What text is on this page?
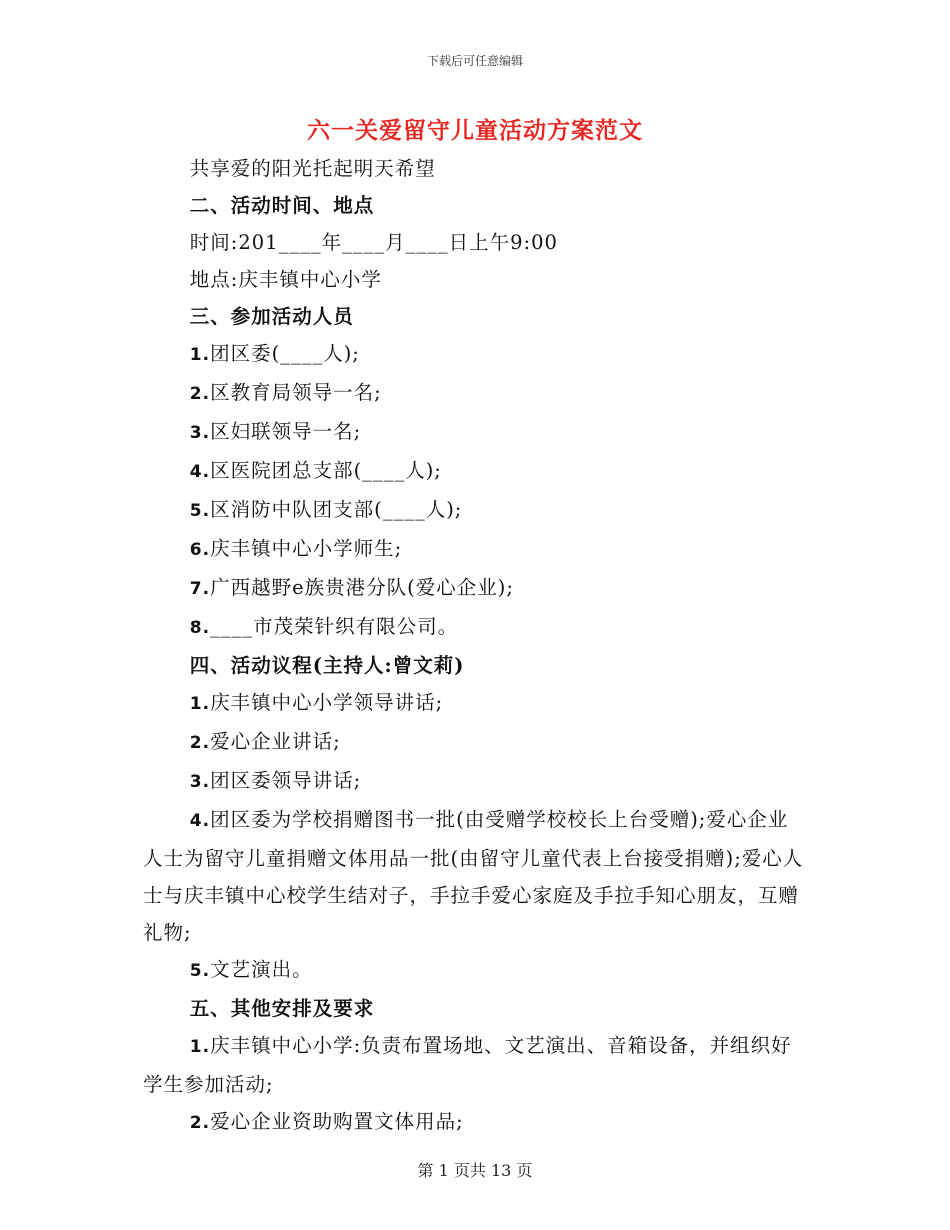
下载后可任意编辑
六一关爱留守儿童活动方案范文

共享爱的阳光托起明天希望

二、活动时间、地点

时间:201____年____月____日上午9:00

地点:庆丰镇中心小学

三、参加活动人员

1.团区委(____人);

2.区教育局领导一名;

3.区妇联领导一名;

4.区医院团总支部(____人);

5.区消防中队团支部(____人);

6.庆丰镇中心小学师生;

7.广西越野e族贵港分队(爱心企业);

8.____市茂荣针织有限公司。

四、活动议程(主持人:曾文莉)

1.庆丰镇中心小学领导讲话;

2.爱心企业讲话;

3.团区委领导讲话;

4.团区委为学校捐赠图书一批(由受赠学校校长上台受赠);爱心企业人士为留守儿童捐赠文体用品一批(由留守儿童代表上台接受捐赠);爱心人士与庆丰镇中心校学生结对子，手拉手爱心家庭及手拉手知心朋友，互赠礼物;

5.文艺演出。

五、其他安排及要求

1.庆丰镇中心小学:负责布置场地、文艺演出、音箱设备，并组织好学生参加活动;

2.爱心企业资助购置文体用品;

第 1 页共 13 页
